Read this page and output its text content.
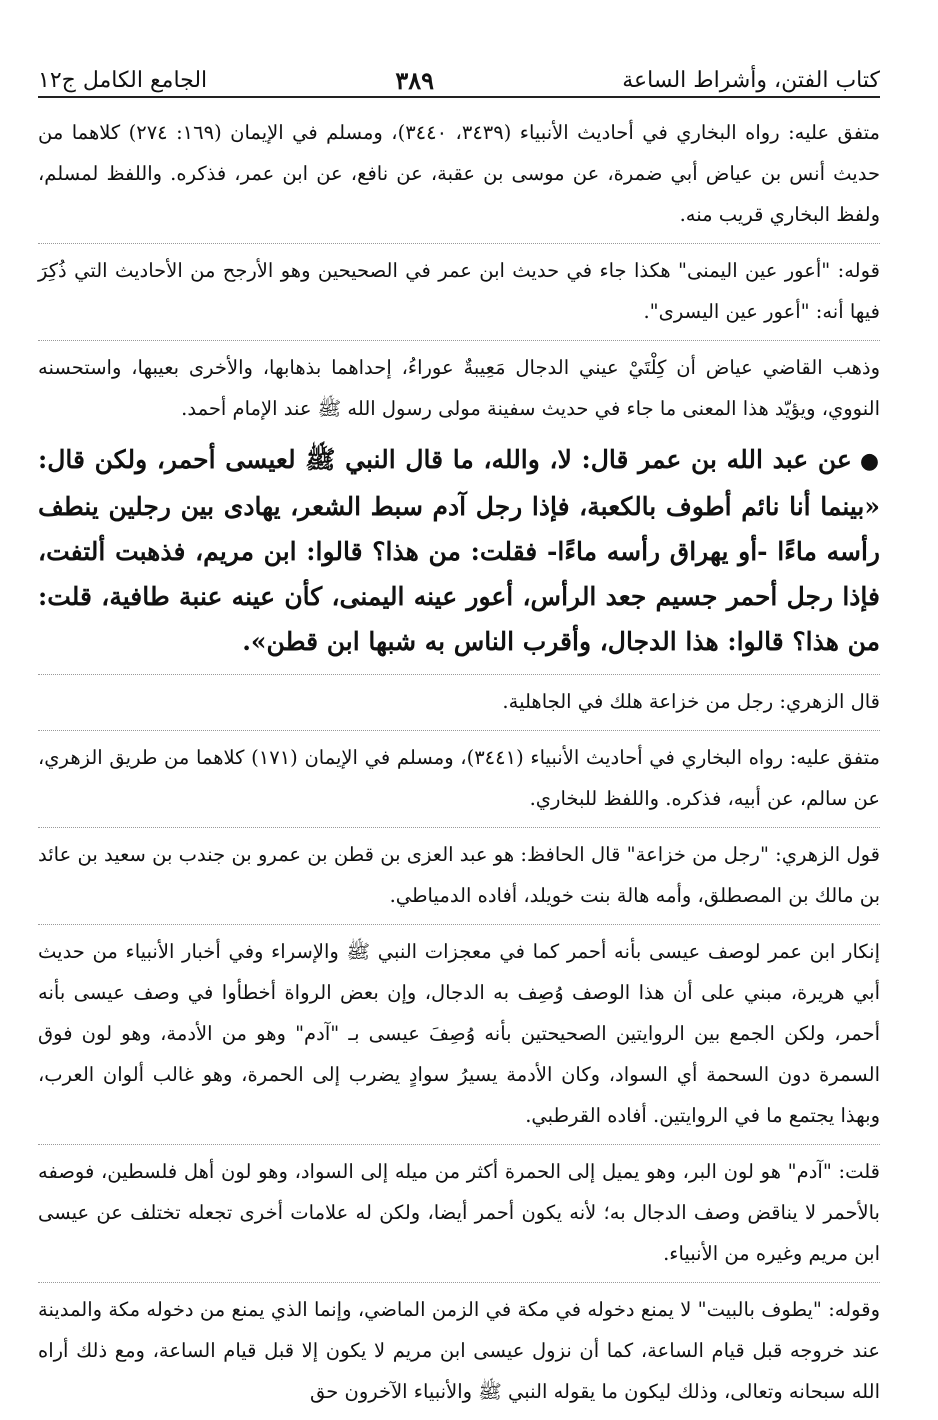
كتاب الفتن، وأشراط الساعة
٣٨٩
الجامع الكامل ج١٢

متفق عليه: رواه البخاري في أحاديث الأنبياء (٣٤٣٩، ٣٤٤٠)، ومسلم في الإيمان (١٦٩: ٢٧٤) كلاهما من حديث أنس بن عياض أبي ضمرة، عن موسى بن عقبة، عن نافع، عن ابن عمر، فذكره. واللفظ لمسلم، ولفظ البخاري قريب منه.

قوله: "أعور عين اليمنى" هكذا جاء في حديث ابن عمر في الصحيحين وهو الأرجح من الأحاديث التي ذُكِرَ فيها أنه: "أعور عين اليسرى".

وذهب القاضي عياض أن كِلْتَيْ عيني الدجال مَعِيبةٌ عوراءُ، إحداهما بذهابها، والأخرى بعيبها، واستحسنه النووي، ويؤيّد هذا المعنى ما جاء في حديث سفينة مولى رسول الله ﷺ عند الإمام أحمد.

●عن عبد الله بن عمر قال: لا، والله، ما قال النبي ﷺ لعيسى أحمر، ولكن قال: «بينما أنا نائم أطوف بالكعبة، فإذا رجل آدم سبط الشعر، يهادى بين رجلين ينطف رأسه ماءًا -أو يهراق رأسه ماءًا- فقلت: من هذا؟ قالوا: ابن مريم، فذهبت ألتفت، فإذا رجل أحمر جسيم جعد الرأس، أعور عينه اليمنى، كأن عينه عنبة طافية، قلت: من هذا؟ قالوا: هذا الدجال، وأقرب الناس به شبها ابن قطن».

قال الزهري: رجل من خزاعة هلك في الجاهلية.

متفق عليه: رواه البخاري في أحاديث الأنبياء (٣٤٤١)، ومسلم في الإيمان (١٧١) كلاهما من طريق الزهري، عن سالم، عن أبيه، فذكره. واللفظ للبخاري.

قول الزهري: "رجل من خزاعة" قال الحافظ: هو عبد العزى بن قطن بن عمرو بن جندب بن سعيد بن عائد بن مالك بن المصطلق، وأمه هالة بنت خويلد، أفاده الدمياطي.

إنكار ابن عمر لوصف عيسى بأنه أحمر كما في معجزات النبي ﷺ والإسراء وفي أخبار الأنبياء من حديث أبي هريرة، مبني على أن هذا الوصف وُصِف به الدجال، وإن بعض الرواة أخطأوا في وصف عيسى بأنه أحمر، ولكن الجمع بين الروايتين الصحيحتين بأنه وُصِفَ عيسى بـ "آدم" وهو من الأدمة، وهو لون فوق السمرة دون السحمة أي السواد، وكان الأدمة يسيرُ سوادٍ يضرب إلى الحمرة، وهو غالب ألوان العرب، وبهذا يجتمع ما في الروايتين. أفاده القرطبي.

قلت: "آدم" هو لون البر، وهو يميل إلى الحمرة أكثر من ميله إلى السواد، وهو لون أهل فلسطين، فوصفه بالأحمر لا يناقض وصف الدجال به؛ لأنه يكون أحمر أيضا، ولكن له علامات أخرى تجعله تختلف عن عيسى ابن مريم وغيره من الأنبياء.

وقوله: "يطوف بالبيت" لا يمنع دخوله في مكة في الزمن الماضي، وإنما الذي يمنع من دخوله مكة والمدينة عند خروجه قبل قيام الساعة، كما أن نزول عيسى ابن مريم لا يكون إلا قبل قيام الساعة، ومع ذلك أراه الله سبحانه وتعالى، وذلك ليكون ما يقوله النبي ﷺ والأنبياء الآخرون حق
